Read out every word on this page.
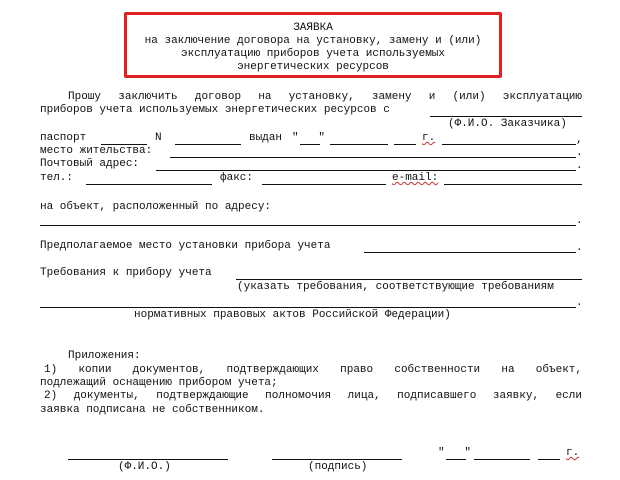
ЗАЯВКА
на заключение договора на установку, замену и (или)
эксплуатацию приборов учета используемых
энергетических ресурсов
Прошу заключить договор на установку, замену и (или) эксплуатацию
приборов учета используемых энергетических ресурсов с
(Ф.И.О. Заказчика)
паспорт	N	выдан "   "	г.	,
место жительства:	.
Почтовый адрес:	.
тел.:	факс:	e-mail:
на объект, расположенный по адресу:
.
Предполагаемое место установки прибора учета	.
Требования к прибору учета
(указать требования, соответствующие требованиям
.
нормативных правовых актов Российской Федерации)
Приложения:
1) копии документов, подтверждающих право собственности на объект,
подлежащий оснащению прибором учета;
2) документы, подтверждающие полномочия лица, подписавшего заявку, если
заявка подписана не собственником.
(Ф.И.О.)	(подпись)
"   "	г.
